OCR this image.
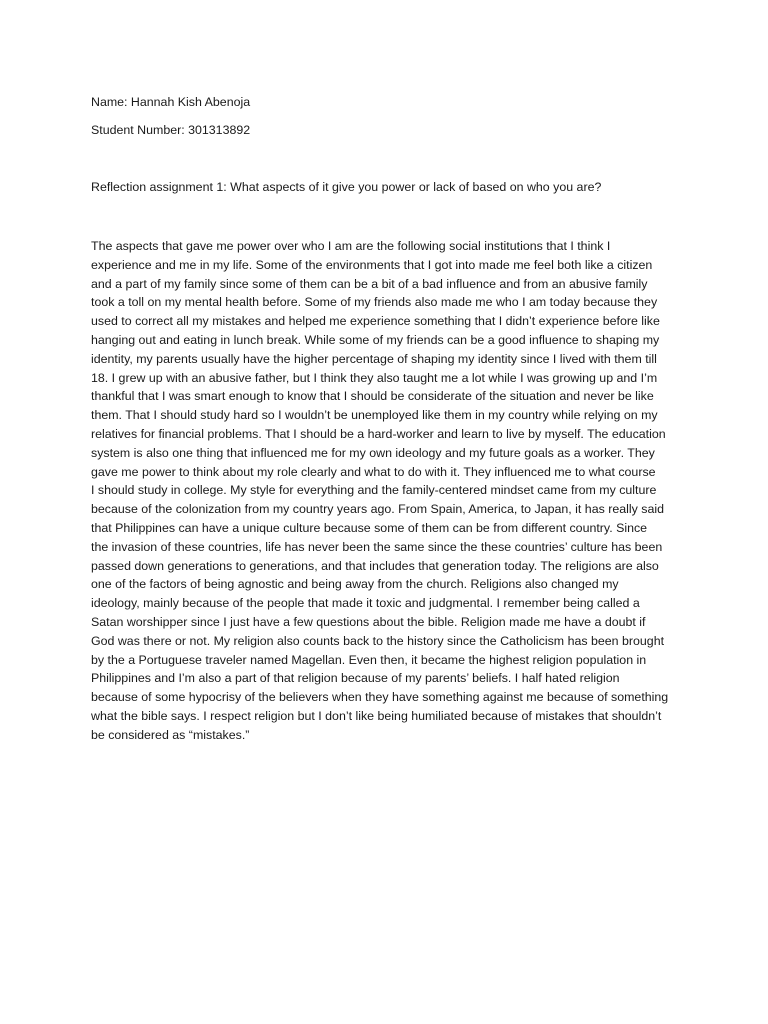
Name: Hannah Kish Abenoja

Student Number: 301313892

Reflection assignment 1: What aspects of it give you power or lack of based on who you are?

The aspects that gave me power over who I am are the following social institutions that I think I
experience and me in my life. Some of the environments that I got into made me feel both like a citizen
and a part of my family since some of them can be a bit of a bad influence and from an abusive family
took a toll on my mental health before. Some of my friends also made me who I am today because they
used to correct all my mistakes and helped me experience something that I didn’t experience before like
hanging out and eating in lunch break. While some of my friends can be a good influence to shaping my
identity, my parents usually have the higher percentage of shaping my identity since I lived with them till
18. I grew up with an abusive father, but I think they also taught me a lot while I was growing up and I’m
thankful that I was smart enough to know that I should be considerate of the situation and never be like
them. That I should study hard so I wouldn’t be unemployed like them in my country while relying on my
relatives for financial problems. That I should be a hard-worker and learn to live by myself. The education
system is also one thing that influenced me for my own ideology and my future goals as a worker. They
gave me power to think about my role clearly and what to do with it. They influenced me to what course
I should study in college. My style for everything and the family-centered mindset came from my culture
because of the colonization from my country years ago. From Spain, America, to Japan, it has really said
that Philippines can have a unique culture because some of them can be from different country. Since
the invasion of these countries, life has never been the same since the these countries’ culture has been
passed down generations to generations, and that includes that generation today. The religions are also
one of the factors of being agnostic and being away from the church. Religions also changed my
ideology, mainly because of the people that made it toxic and judgmental. I remember being called a
Satan worshipper since I just have a few questions about the bible. Religion made me have a doubt if
God was there or not. My religion also counts back to the history since the Catholicism has been brought
by the a Portuguese traveler named Magellan. Even then, it became the highest religion population in
Philippines and I’m also a part of that religion because of my parents’ beliefs. I half hated religion
because of some hypocrisy of the believers when they have something against me because of something
what the bible says. I respect religion but I don’t like being humiliated because of mistakes that shouldn’t
be considered as “mistakes.”
